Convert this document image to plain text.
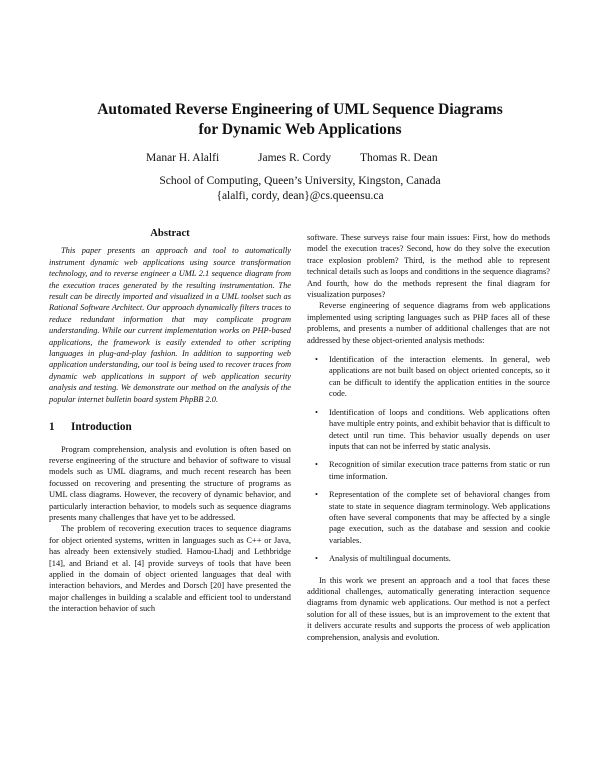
Automated Reverse Engineering of UML Sequence Diagrams
for Dynamic Web Applications
Manar H. Alalfi	James R. Cordy	Thomas R. Dean
School of Computing, Queen’s University, Kingston, Canada
{alalfi, cordy, dean}@cs.queensu.ca
Abstract

This paper presents an approach and tool to automatically instrument dynamic web applications using source transformation technology, and to reverse engineer a UML 2.1 sequence diagram from the execution traces generated by the resulting instrumentation. The result can be directly imported and visualized in a UML toolset such as Rational Software Architect. Our approach dynamically filters traces to reduce redundant information that may complicate program understanding. While our current implementation works on PHP-based applications, the framework is easily extended to other scripting languages in plug-and-play fashion. In addition to supporting web application understanding, our tool is being used to recover traces from dynamic web applications in support of web application security analysis and testing. We demonstrate our method on the analysis of the popular internet bulletin board system PhpBB 2.0.

1 Introduction

Program comprehension, analysis and evolution is often based on reverse engineering of the structure and behavior of software to visual models such as UML diagrams, and much recent research has been focussed on recovering and presenting the structure of programs as UML class diagrams. However, the recovery of dynamic behavior, and particularly interaction behavior, to models such as sequence diagrams presents many challenges that have yet to be addressed.

The problem of recovering execution traces to sequence diagrams for object oriented systems, written in languages such as C++ or Java, has already been extensively studied. Hamou-Lhadj and Lethbridge [14], and Briand et al. [4] provide surveys of tools that have been applied in the domain of object oriented languages that deal with interaction behaviors, and Merdes and Dorsch [20] have presented the major challenges in building a scalable and efficient tool to understand the interaction behavior of such

software. These surveys raise four main issues: First, how do methods model the execution traces? Second, how do they solve the execution trace explosion problem? Third, is the method able to represent technical details such as loops and conditions in the sequence diagrams? And fourth, how do the methods represent the final diagram for visualization purposes?

Reverse engineering of sequence diagrams from web applications implemented using scripting languages such as PHP faces all of these problems, and presents a number of additional challenges that are not addressed by these object-oriented analysis methods:

• Identification of the interaction elements. In general, web applications are not built based on object oriented concepts, so it can be difficult to identify the application entities in the source code.
• Identification of loops and conditions. Web applications often have multiple entry points, and exhibit behavior that is difficult to detect until run time. This behavior usually depends on user inputs that can not be inferred by static analysis.
• Recognition of similar execution trace patterns from static or run time information.
• Representation of the complete set of behavioral changes from state to state in sequence diagram terminology. Web applications often have several components that may be affected by a single page execution, such as the database and session and cookie variables.
• Analysis of multilingual documents.

In this work we present an approach and a tool that faces these additional challenges, automatically generating interaction sequence diagrams from dynamic web applications. Our method is not a perfect solution for all of these issues, but is an improvement to the extent that it delivers accurate results and supports the process of web application comprehension, analysis and evolution.
